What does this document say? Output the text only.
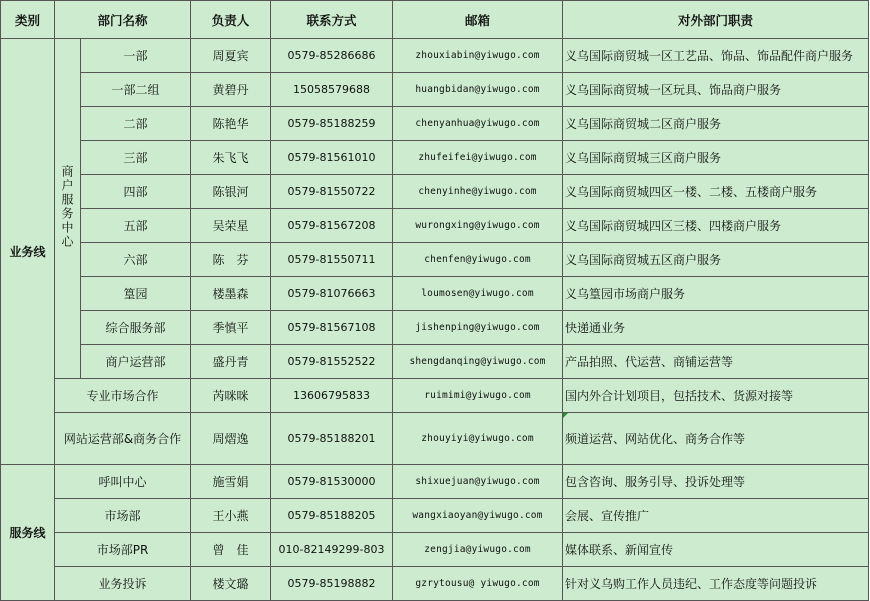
类别	部门名称		负责人	联系方式	邮箱	对外部门职责
业务线	商户服务中心	一部	周夏宾	0579-85286686	zhouxiabin@yiwugo.com	义乌国际商贸城一区工艺品、饰品、饰品配件商户服务
		一部二组	黄碧丹	15058579688	huangbidan@yiwugo.com	义乌国际商贸城一区玩具、饰品商户服务
		二部	陈艳华	0579-85188259	chenyanhua@yiwugo.com	义乌国际商贸城二区商户服务
		三部	朱飞飞	0579-81561010	zhufeifei@yiwugo.com	义乌国际商贸城三区商户服务
		四部	陈银河	0579-81550722	chenyinhe@yiwugo.com	义乌国际商贸城四区一楼、二楼、五楼商户服务
		五部	吴荣星	0579-81567208	wurongxing@yiwugo.com	义乌国际商贸城四区三楼、四楼商户服务
		六部	陈　芬	0579-81550711	chenfen@yiwugo.com	义乌国际商贸城五区商户服务
		篁园	楼墨森	0579-81076663	loumosen@yiwugo.com	义乌篁园市场商户服务
		综合服务部	季慎平	0579-81567108	jishenping@yiwugo.com	快递通业务
		商户运营部	盛丹青	0579-81552522	shengdanqing@yiwugo.com	产品拍照、代运营、商铺运营等
	专业市场合作		芮咪咪	13606795833	ruimimi@yiwugo.com	国内外合计划项目，包括技术、货源对接等
	网站运营部&商务合作		周熠逸	0579-85188201	zhouyiyi@yiwugo.com	频道运营、网站优化、商务合作等
服务线	呼叫中心		施雪娟	0579-81530000	shixuejuan@yiwugo.com	包含咨询、服务引导、投诉处理等
	市场部		王小燕	0579-85188205	wangxiaoyan@yiwugo.com	会展、宣传推广
	市场部PR		曾　佳	010-82149299-803	zengjia@yiwugo.com	媒体联系、新闻宣传
	业务投诉		楼文璐	0579-85198882	gzrytousu@ yiwugo.com	针对义乌购工作人员违纪、工作态度等问题投诉
